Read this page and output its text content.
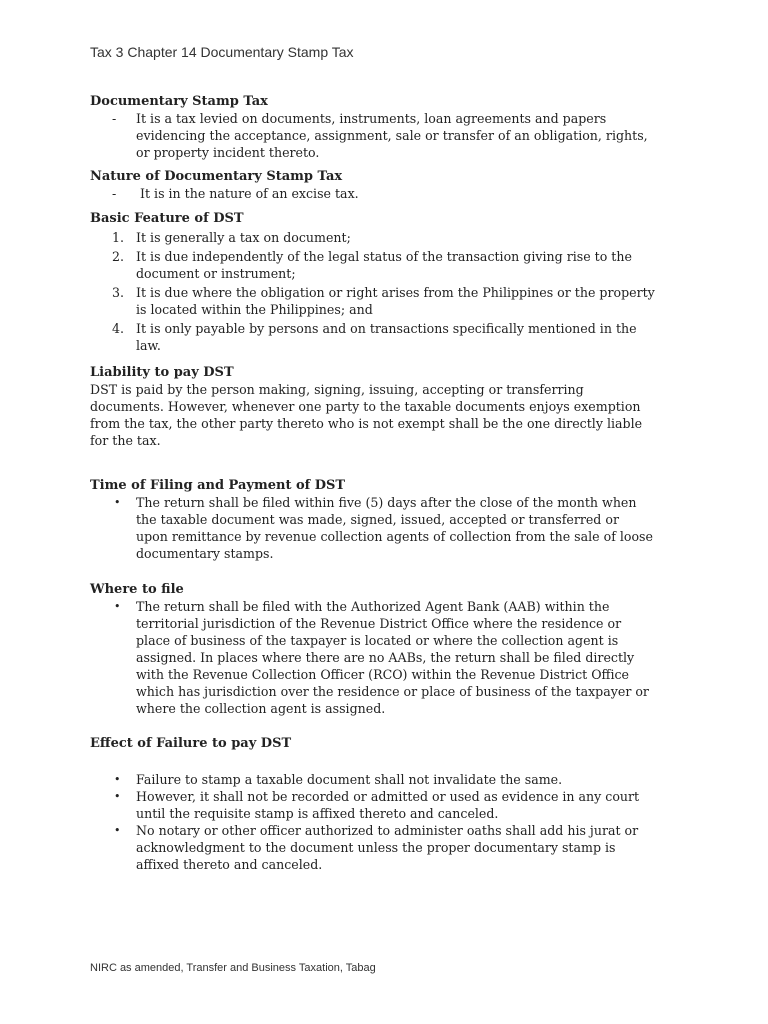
Tax 3 Chapter 14 Documentary Stamp Tax
Documentary Stamp Tax
- It is a tax levied on documents, instruments, loan agreements and papers
evidencing the acceptance, assignment, sale or transfer of an obligation, rights,
or property incident thereto.
Nature of Documentary Stamp Tax
- It is in the nature of an excise tax.
Basic Feature of DST
1. It is generally a tax on document;
2. It is due independently of the legal status of the transaction giving rise to the
document or instrument;
3. It is due where the obligation or right arises from the Philippines or the property
is located within the Philippines; and
4. It is only payable by persons and on transactions specifically mentioned in the
law.
Liability to pay DST
DST is paid by the person making, signing, issuing, accepting or transferring
documents. However, whenever one party to the taxable documents enjoys exemption
from the tax, the other party thereto who is not exempt shall be the one directly liable
for the tax.
Time of Filing and Payment of DST
• The return shall be filed within five (5) days after the close of the month when
the taxable document was made, signed, issued, accepted or transferred or
upon remittance by revenue collection agents of collection from the sale of loose
documentary stamps.
Where to file
• The return shall be filed with the Authorized Agent Bank (AAB) within the
territorial jurisdiction of the Revenue District Office where the residence or
place of business of the taxpayer is located or where the collection agent is
assigned. In places where there are no AABs, the return shall be filed directly
with the Revenue Collection Officer (RCO) within the Revenue District Office
which has jurisdiction over the residence or place of business of the taxpayer or
where the collection agent is assigned.
Effect of Failure to pay DST
• Failure to stamp a taxable document shall not invalidate the same.
• However, it shall not be recorded or admitted or used as evidence in any court
until the requisite stamp is affixed thereto and canceled.
• No notary or other officer authorized to administer oaths shall add his jurat or
acknowledgment to the document unless the proper documentary stamp is
affixed thereto and canceled.
NIRC as amended, Transfer and Business Taxation, Tabag
